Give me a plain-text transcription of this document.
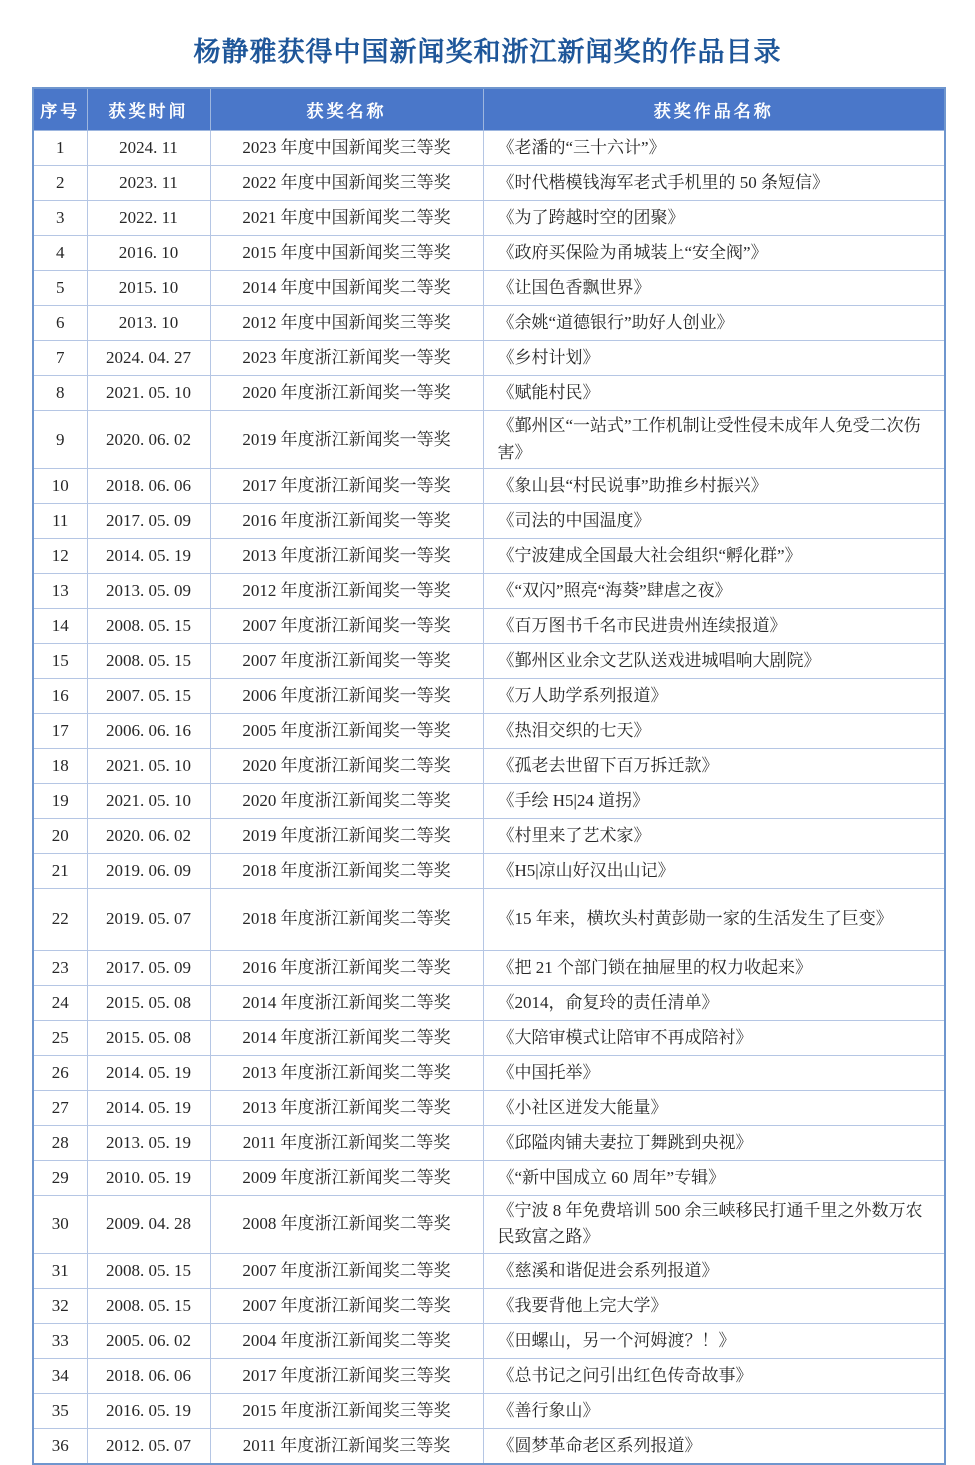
杨静雅获得中国新闻奖和浙江新闻奖的作品目录
序号	获奖时间	获奖名称	获奖作品名称
1	2024. 11	2023 年度中国新闻奖三等奖	《老潘的“三十六计”》
2	2023. 11	2022 年度中国新闻奖三等奖	《时代楷模钱海军老式手机里的 50 条短信》
3	2022. 11	2021 年度中国新闻奖二等奖	《为了跨越时空的团聚》
4	2016. 10	2015 年度中国新闻奖三等奖	《政府买保险为甬城装上“安全阀”》
5	2015. 10	2014 年度中国新闻奖二等奖	《让国色香飘世界》
6	2013. 10	2012 年度中国新闻奖三等奖	《余姚“道德银行”助好人创业》
7	2024. 04. 27	2023 年度浙江新闻奖一等奖	《乡村计划》
8	2021. 05. 10	2020 年度浙江新闻奖一等奖	《赋能村民》
9	2020. 06. 02	2019 年度浙江新闻奖一等奖	《鄞州区“一站式”工作机制让受性侵未成年人免受二次伤害》
10	2018. 06. 06	2017 年度浙江新闻奖一等奖	《象山县“村民说事”助推乡村振兴》
11	2017. 05. 09	2016 年度浙江新闻奖一等奖	《司法的中国温度》
12	2014. 05. 19	2013 年度浙江新闻奖一等奖	《宁波建成全国最大社会组织“孵化群”》
13	2013. 05. 09	2012 年度浙江新闻奖一等奖	《“双闪”照亮“海葵”肆虐之夜》
14	2008. 05. 15	2007 年度浙江新闻奖一等奖	《百万图书千名市民进贵州连续报道》
15	2008. 05. 15	2007 年度浙江新闻奖一等奖	《鄞州区业余文艺队送戏进城唱响大剧院》
16	2007. 05. 15	2006 年度浙江新闻奖一等奖	《万人助学系列报道》
17	2006. 06. 16	2005 年度浙江新闻奖一等奖	《热泪交织的七天》
18	2021. 05. 10	2020 年度浙江新闻奖二等奖	《孤老去世留下百万拆迁款》
19	2021. 05. 10	2020 年度浙江新闻奖二等奖	《手绘 H5|24 道拐》
20	2020. 06. 02	2019 年度浙江新闻奖二等奖	《村里来了艺术家》
21	2019. 06. 09	2018 年度浙江新闻奖二等奖	《H5|凉山好汉出山记》
22	2019. 05. 07	2018 年度浙江新闻奖二等奖	《15 年来，横坎头村黄彭勋一家的生活发生了巨变》
23	2017. 05. 09	2016 年度浙江新闻奖二等奖	《把 21 个部门锁在抽屉里的权力收起来》
24	2015. 05. 08	2014 年度浙江新闻奖二等奖	《2014，俞复玲的责任清单》
25	2015. 05. 08	2014 年度浙江新闻奖二等奖	《大陪审模式让陪审不再成陪衬》
26	2014. 05. 19	2013 年度浙江新闻奖二等奖	《中国托举》
27	2014. 05. 19	2013 年度浙江新闻奖二等奖	《小社区迸发大能量》
28	2013. 05. 19	2011 年度浙江新闻奖二等奖	《邱隘肉铺夫妻拉丁舞跳到央视》
29	2010. 05. 19	2009 年度浙江新闻奖二等奖	《“新中国成立 60 周年”专辑》
30	2009. 04. 28	2008 年度浙江新闻奖二等奖	《宁波 8 年免费培训 500 余三峡移民打通千里之外数万农民致富之路》
31	2008. 05. 15	2007 年度浙江新闻奖二等奖	《慈溪和谐促进会系列报道》
32	2008. 05. 15	2007 年度浙江新闻奖二等奖	《我要背他上完大学》
33	2005. 06. 02	2004 年度浙江新闻奖二等奖	《田螺山，另一个河姆渡？！》
34	2018. 06. 06	2017 年度浙江新闻奖三等奖	《总书记之问引出红色传奇故事》
35	2016. 05. 19	2015 年度浙江新闻奖三等奖	《善行象山》
36	2012. 05. 07	2011 年度浙江新闻奖三等奖	《圆梦革命老区系列报道》
